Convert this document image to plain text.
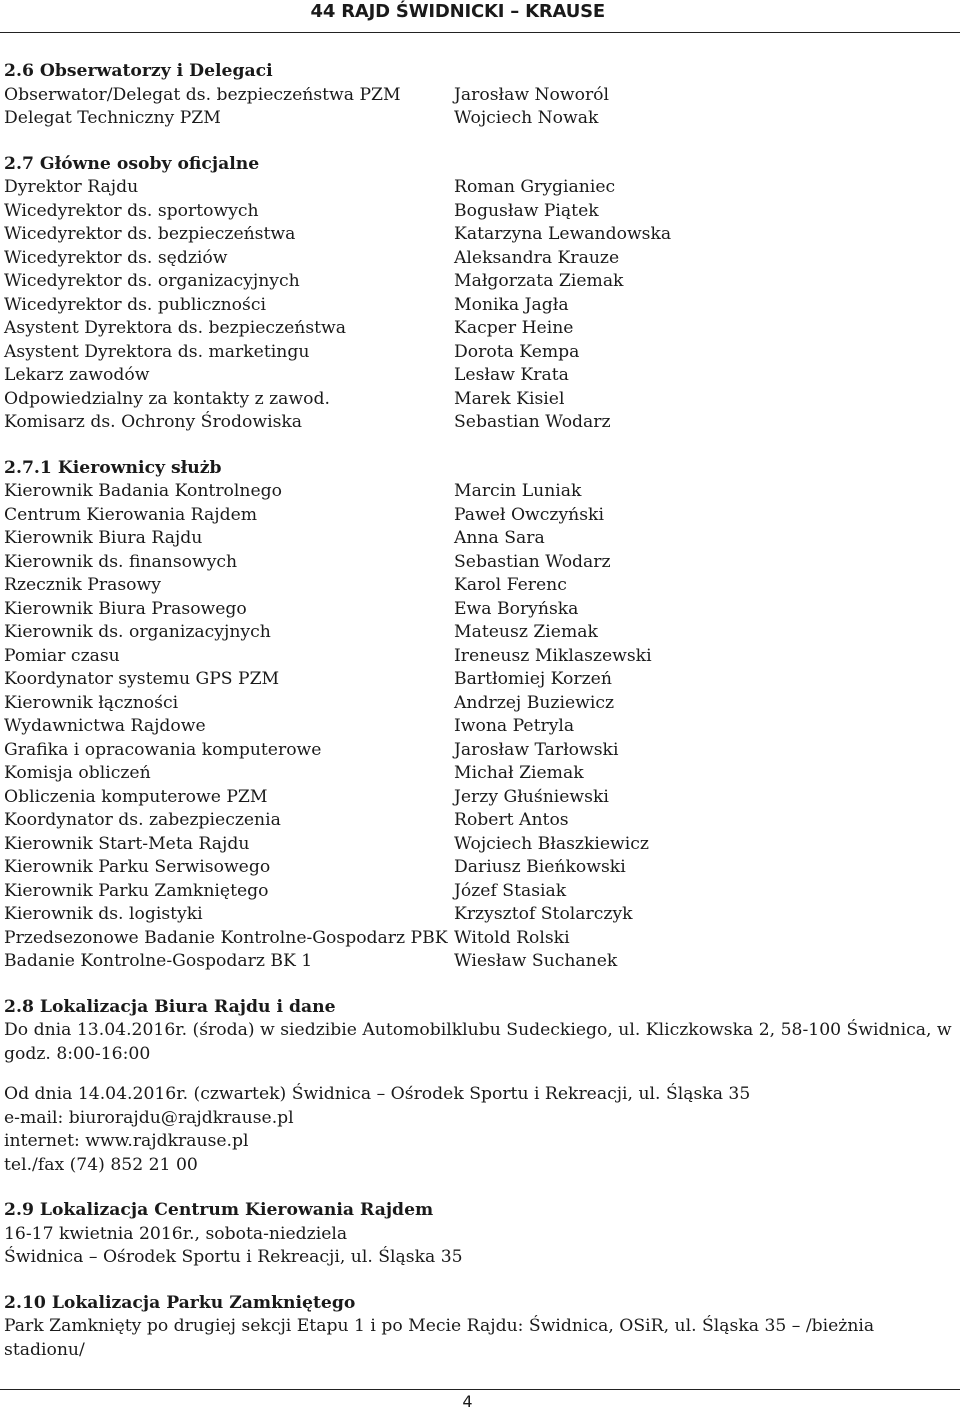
44 RAJD ŚWIDNICKI – KRAUSE
2.6 Obserwatorzy i Delegaci
Obserwator/Delegat ds. bezpieczeństwa PZM	Jarosław Noworól
Delegat Techniczny PZM	Wojciech Nowak
2.7 Główne osoby oficjalne
Dyrektor Rajdu	Roman Grygianiec
Wicedyrektor ds. sportowych	Bogusław Piątek
Wicedyrektor ds. bezpieczeństwa	Katarzyna Lewandowska
Wicedyrektor ds. sędziów	Aleksandra Krauze
Wicedyrektor ds. organizacyjnych	Małgorzata Ziemak
Wicedyrektor ds. publiczności	Monika Jagła
Asystent Dyrektora ds. bezpieczeństwa	Kacper Heine
Asystent Dyrektora ds. marketingu	Dorota Kempa
Lekarz zawodów	Lesław Krata
Odpowiedzialny za kontakty z zawod.	Marek Kisiel
Komisarz ds. Ochrony Środowiska	Sebastian Wodarz
2.7.1 Kierownicy służb
Kierownik Badania Kontrolnego	Marcin Luniak
Centrum Kierowania Rajdem	Paweł Owczyński
Kierownik Biura Rajdu	Anna Sara
Kierownik ds. finansowych	Sebastian Wodarz
Rzecznik Prasowy	Karol Ferenc
Kierownik Biura Prasowego	Ewa Boryńska
Kierownik ds. organizacyjnych	Mateusz Ziemak
Pomiar czasu	Ireneusz Miklaszewski
Koordynator systemu GPS PZM	Bartłomiej Korzeń
Kierownik łączności	Andrzej Buziewicz
Wydawnictwa Rajdowe	Iwona Petryla
Grafika i opracowania komputerowe	Jarosław Tarłowski
Komisja obliczeń	Michał Ziemak
Obliczenia komputerowe PZM	Jerzy Głuśniewski
Koordynator ds. zabezpieczenia	Robert Antos
Kierownik Start-Meta Rajdu	Wojciech Błaszkiewicz
Kierownik Parku Serwisowego	Dariusz Bieńkowski
Kierownik Parku Zamkniętego	Józef Stasiak
Kierownik ds. logistyki	Krzysztof Stolarczyk
Przedsezonowe Badanie Kontrolne-Gospodarz PBK Witold Rolski
Badanie Kontrolne-Gospodarz BK 1	Wiesław Suchanek
2.8 Lokalizacja Biura Rajdu i dane
Do dnia 13.04.2016r. (środa) w siedzibie Automobilklubu Sudeckiego, ul. Kliczkowska 2, 58-100 Świdnica, w
godz. 8:00-16:00
Od dnia 14.04.2016r. (czwartek) Świdnica – Ośrodek Sportu i Rekreacji, ul. Śląska 35
e-mail: biurorajdu@rajdkrause.pl
internet: www.rajdkrause.pl
tel./fax (74) 852 21 00
2.9 Lokalizacja Centrum Kierowania Rajdem
16-17 kwietnia 2016r., sobota-niedziela
Świdnica – Ośrodek Sportu i Rekreacji, ul. Śląska 35
2.10 Lokalizacja Parku Zamkniętego
Park Zamknięty po drugiej sekcji Etapu 1 i po Mecie Rajdu: Świdnica, OSiR, ul. Śląska 35 – /bieżnia stadionu/
4
